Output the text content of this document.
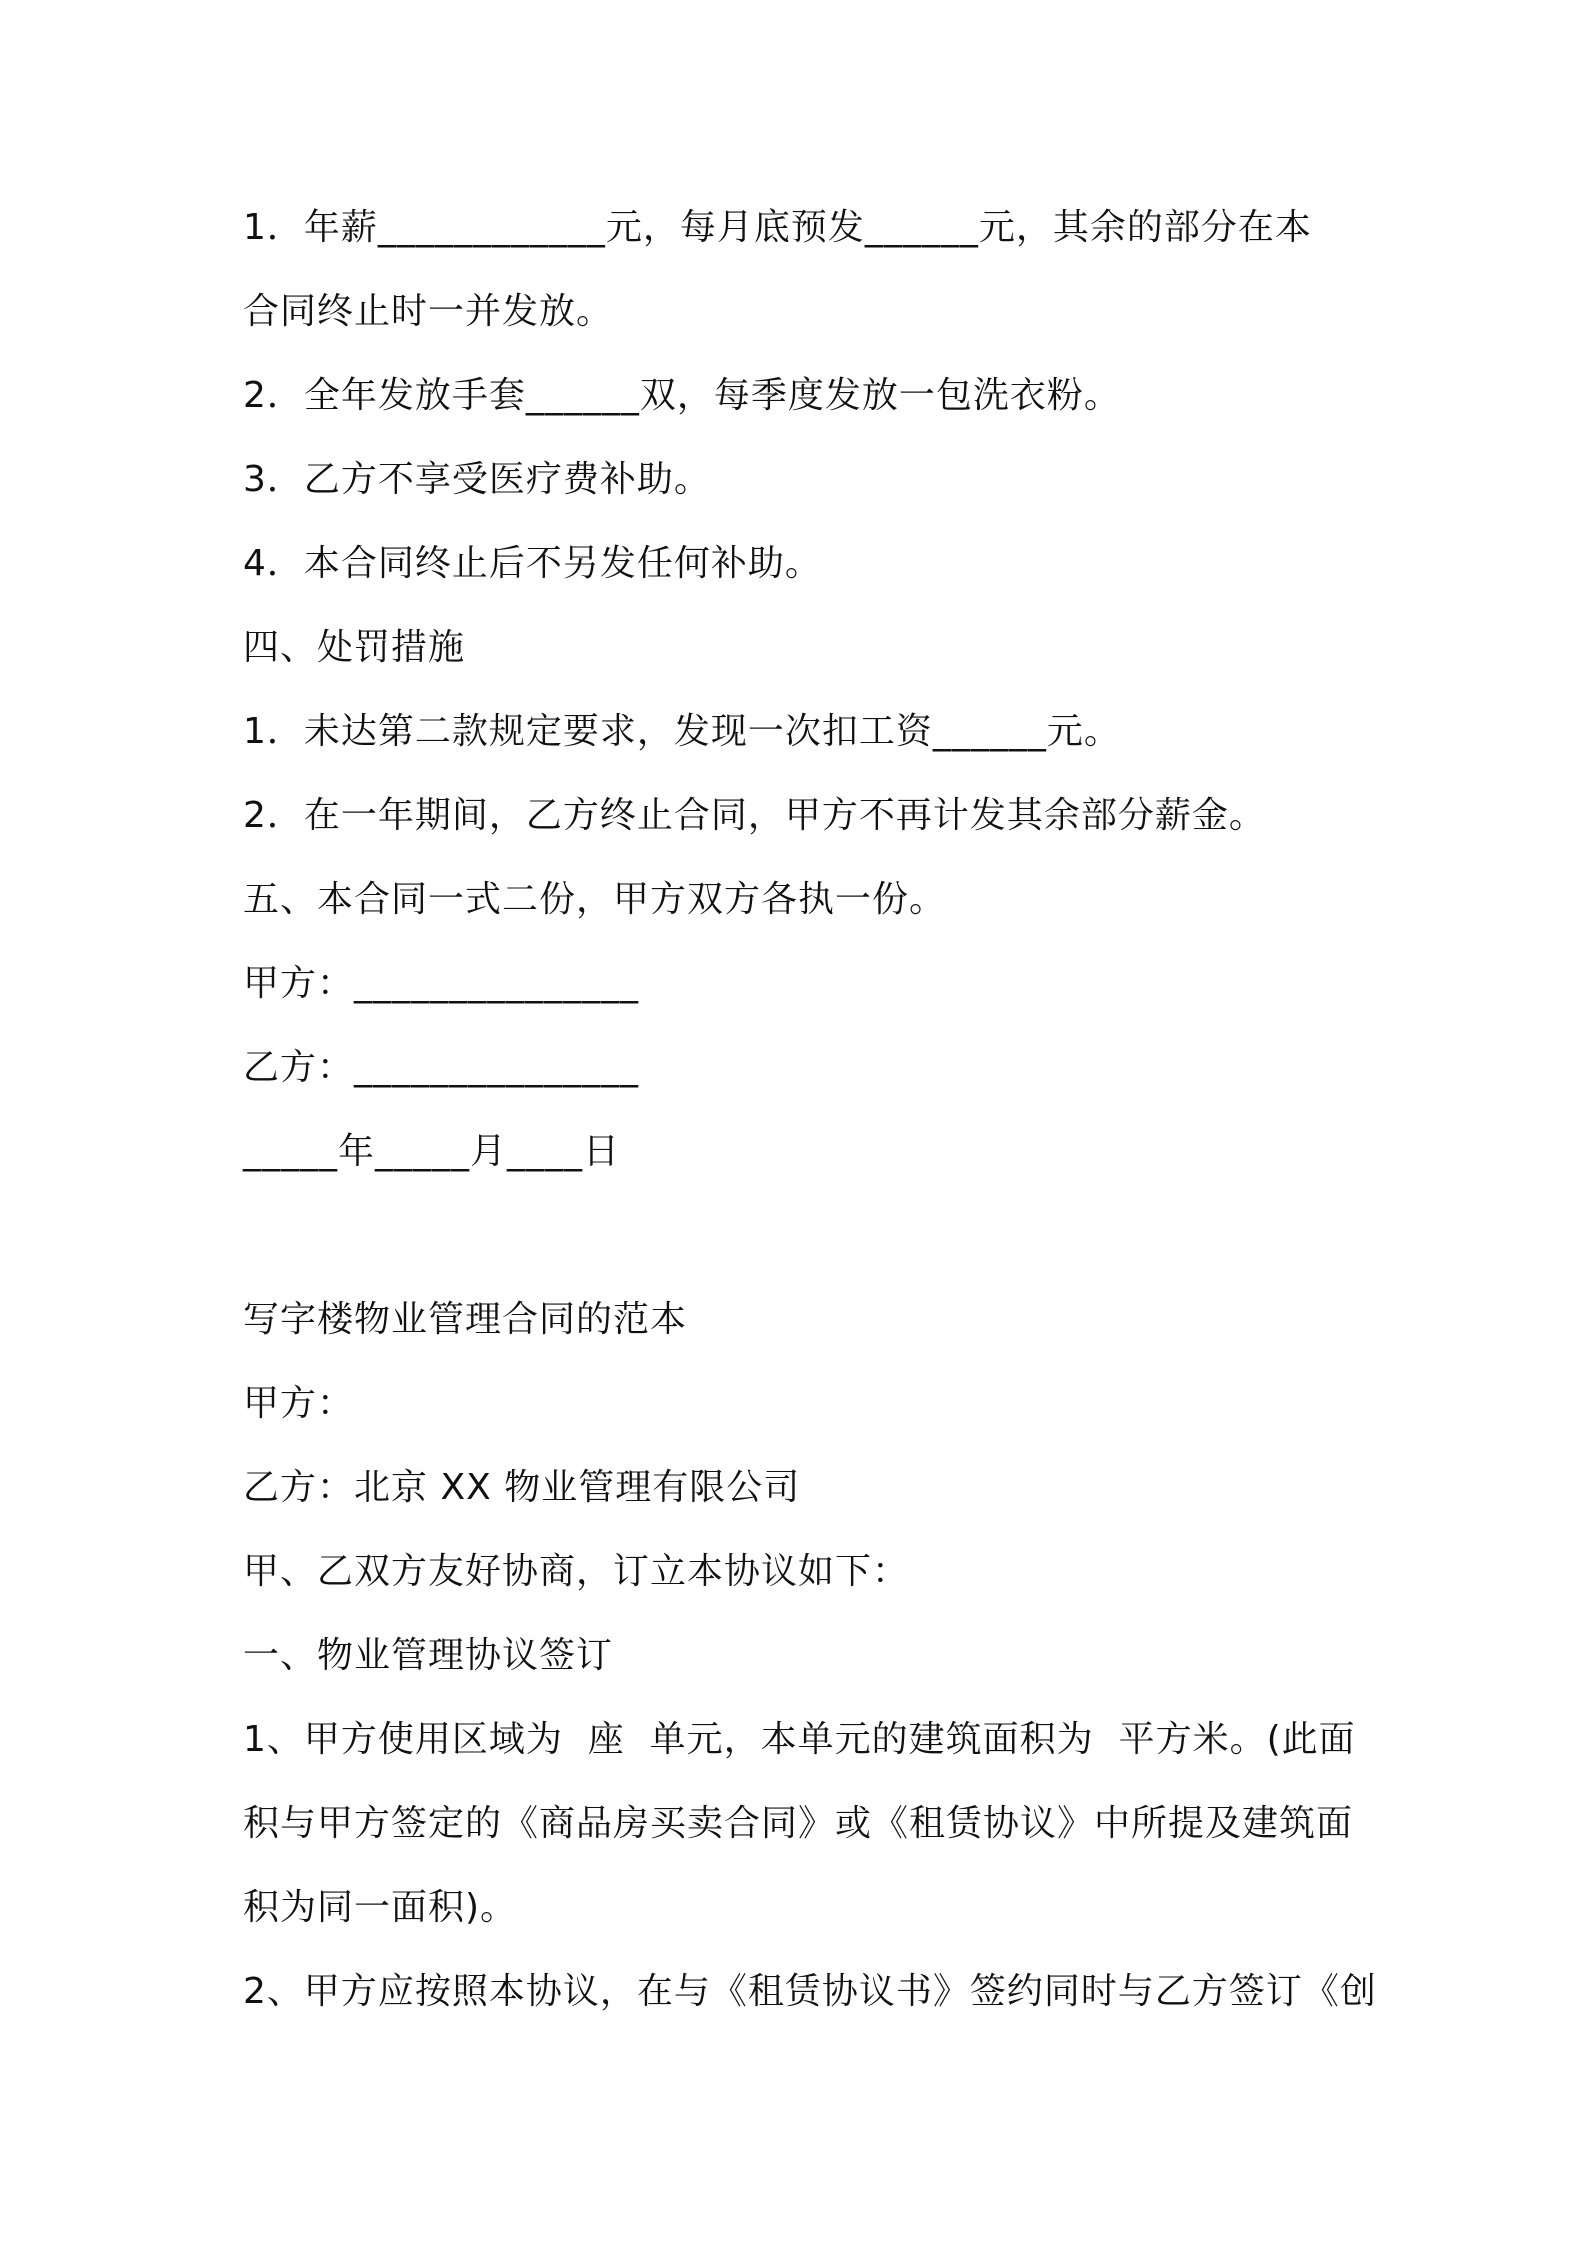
1．年薪____________元，每月底预发______元，其余的部分在本
合同终止时一并发放。
2．全年发放手套______双，每季度发放一包洗衣粉。
3．乙方不享受医疗费补助。
4．本合同终止后不另发任何补助。
四、处罚措施
1．未达第二款规定要求，发现一次扣工资______元。
2．在一年期间，乙方终止合同，甲方不再计发其余部分薪金。
五、本合同一式二份，甲方双方各执一份。
甲方：_______________
乙方：_______________
_____年_____月____日
写字楼物业管理合同的范本
甲方：
乙方：北京 XX 物业管理有限公司
甲、乙双方友好协商，订立本协议如下：
一、物业管理协议签订
1、甲方使用区域为  座  单元，本单元的建筑面积为  平方米。(此面
积与甲方签定的《商品房买卖合同》或《租赁协议》中所提及建筑面
积为同一面积)。
2、甲方应按照本协议，在与《租赁协议书》签约同时与乙方签订《创
